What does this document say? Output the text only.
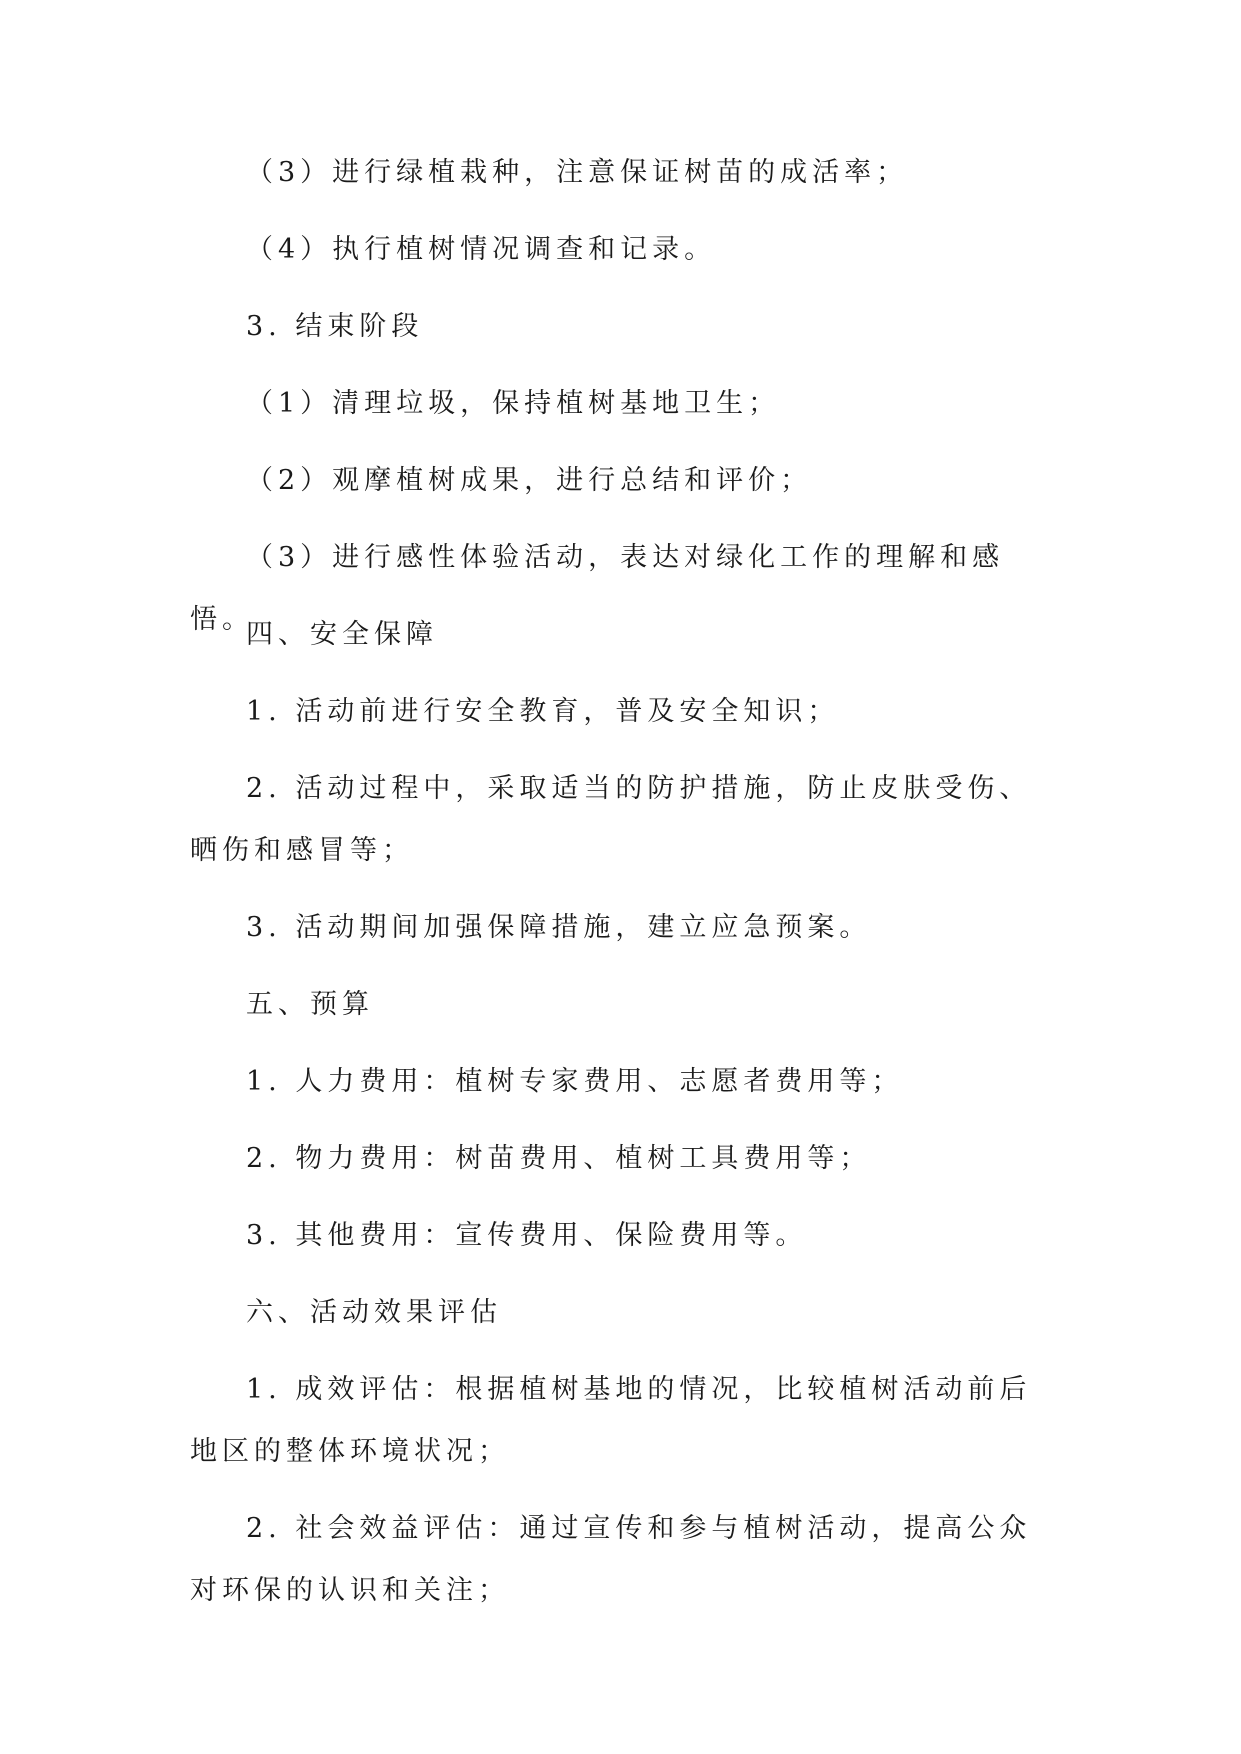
（3）进行绿植栽种，注意保证树苗的成活率；

（4）执行植树情况调查和记录。

3. 结束阶段

（1）清理垃圾，保持植树基地卫生；

（2）观摩植树成果，进行总结和评价；

（3）进行感性体验活动，表达对绿化工作的理解和感悟。

四、安全保障

1. 活动前进行安全教育，普及安全知识；

2. 活动过程中，采取适当的防护措施，防止皮肤受伤、晒伤和感冒等；

3. 活动期间加强保障措施，建立应急预案。

五、预算

1. 人力费用：植树专家费用、志愿者费用等；

2. 物力费用：树苗费用、植树工具费用等；

3. 其他费用：宣传费用、保险费用等。

六、活动效果评估

1. 成效评估：根据植树基地的情况，比较植树活动前后地区的整体环境状况；

2. 社会效益评估：通过宣传和参与植树活动，提高公众对环保的认识和关注；
